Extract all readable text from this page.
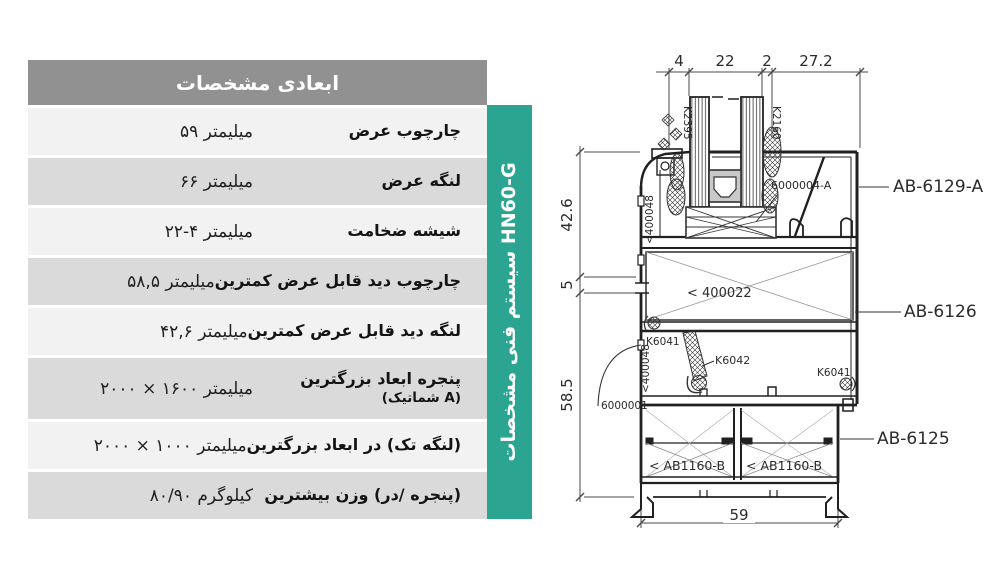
مشخصات‎ ابعادی
۵۹‎ میلیمتر	عرض‎ چارچوب
۶۶‎ میلیمتر	عرض‎ لنگه
۲۲‎-‎۴‎ میلیمتر	ضخامت‎ شیشه
۵۸,۵‎ میلیمتر کمترین‎ عرض‎ قابل‎ دید‎ چارچوب
۴۲,۶‎ میلیمتر کمترین‎ عرض‎ قابل‎ دید‎ لنگه
۲۰۰۰‎ ×‎ ۱۶۰۰‎ میلیمتر	بزرگترین‎ ابعاد‎ پنجره
(شماتیک‎ A)
۲۰۰۰‎ ×‎ ۱۰۰۰‎ میلیمتر بزرگترین‎ ابعاد‎ در‎ (تک‎ لنگه)
۸۰/۹۰‎ کیلوگرم بیشترین‎ وزن‎ (در/‎ پنجره)
مشخصات‎ فنی‎ سیستم‎ HN60-G
4 22 2 27.2
42.6
5
58.5
59
K2395	K2160
6000004-A
<400048
< 400022
K6041
K6042
K6041
<400048
6000001
< AB1160-B < AB1160-B
AB-6129-A
AB-6126
AB-6125
